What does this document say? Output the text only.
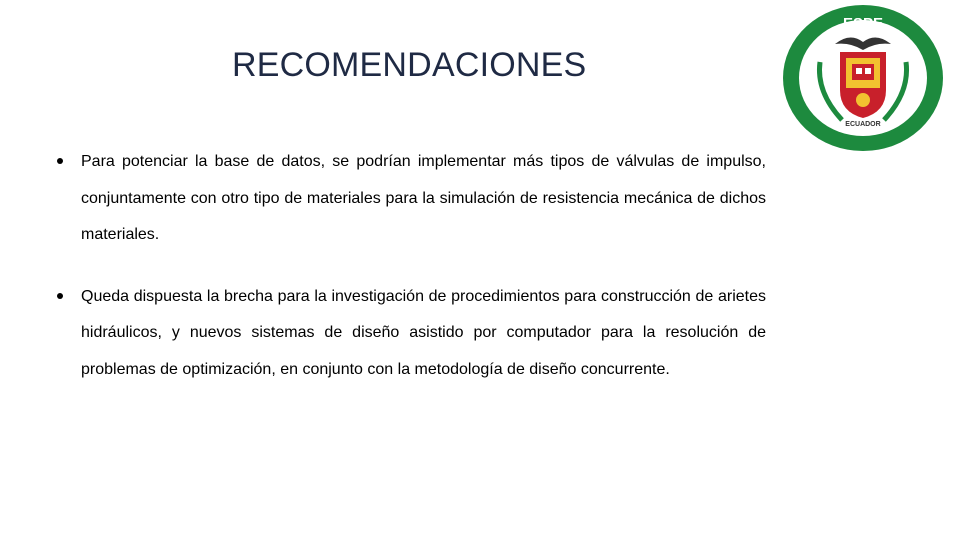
RECOMENDACIONES
ESPE
UNIVERSIDAD DE LAS FUERZAS ARMADAS
ECUADOR
Para potenciar la base de datos, se podrían implementar más tipos de válvulas de impulso, conjuntamente con otro tipo de materiales para la simulación de resistencia mecánica de dichos materiales.
Queda dispuesta la brecha para la investigación de procedimientos para construcción de arietes hidráulicos, y nuevos sistemas de diseño asistido por computador para la resolución de problemas de optimización, en conjunto con la metodología de diseño concurrente.
